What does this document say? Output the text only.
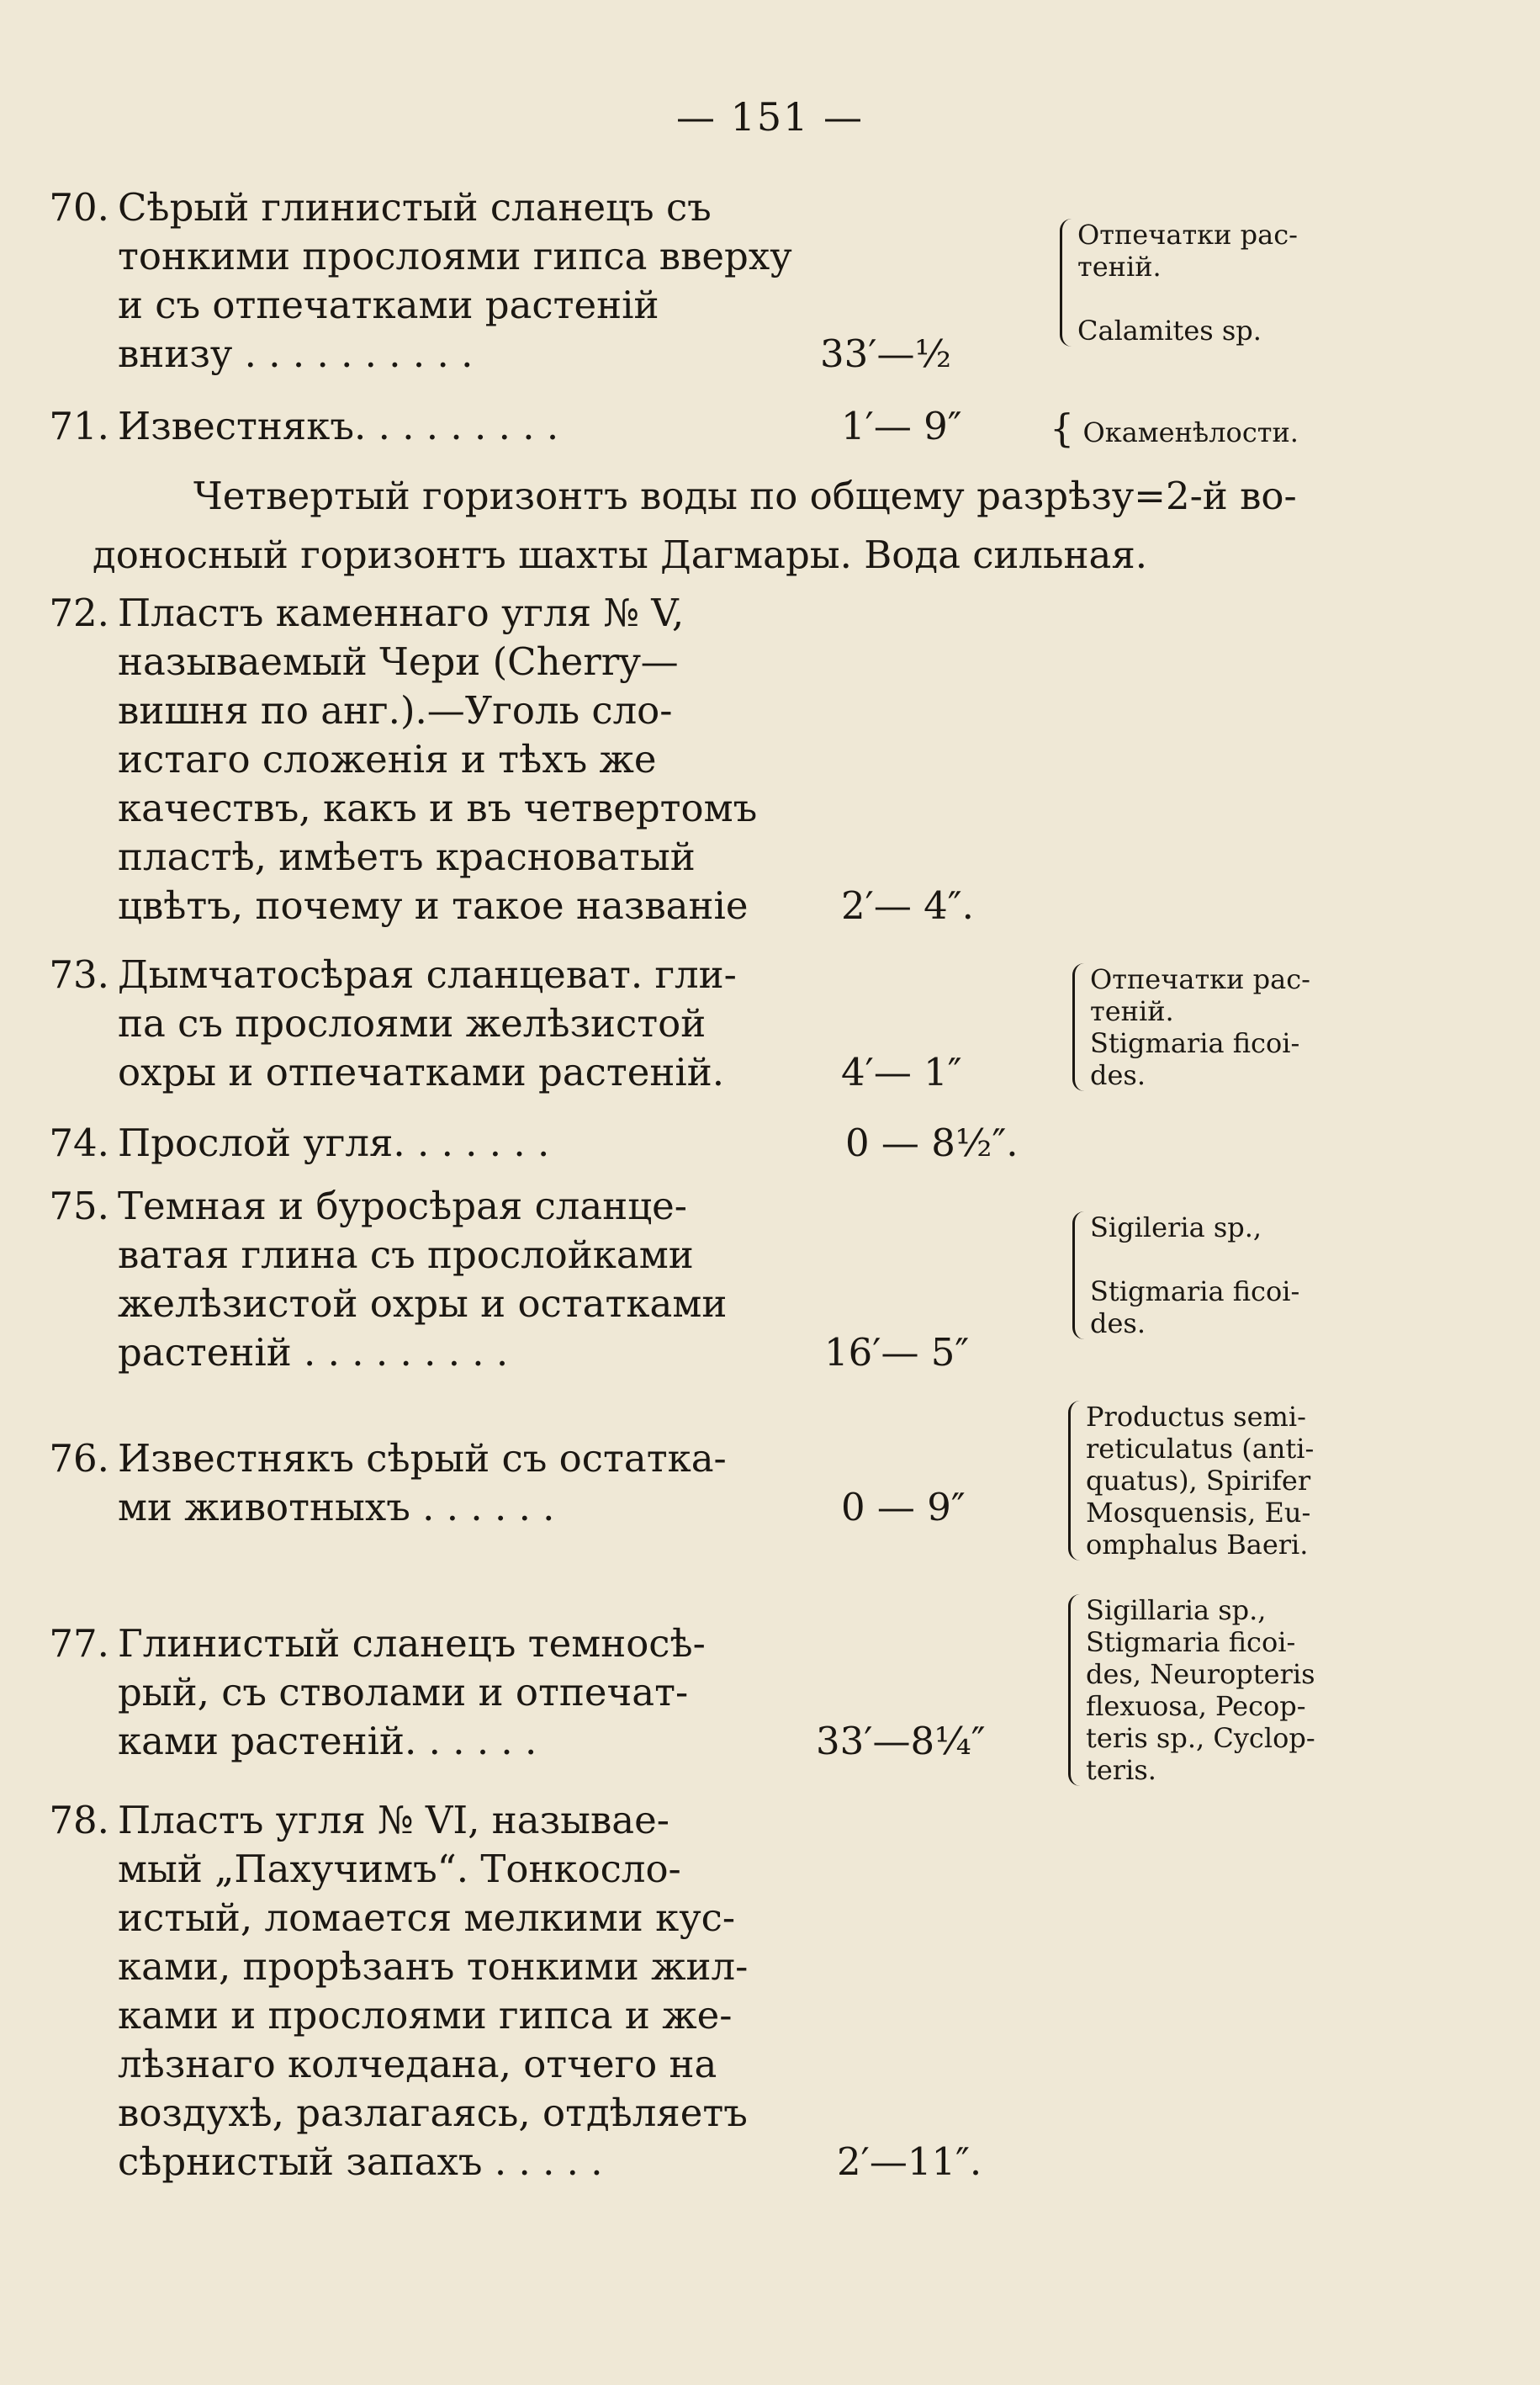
— 151 —
70. Сѣрый глинистый сланецъ съ
тонкими прослоями гипса вверху
и съ отпечатками растеній
внизу . . . . . . . . . .	33′—½
Отпечатки рас-
теній.
Calamites sp.
71. Известнякъ. . . . . . . . .	1′— 9″ { Окаменѣлости.
Четвертый горизонтъ воды по общему разрѣзу=2-й во-
доносный горизонтъ шахты Дагмары. Вода сильная.
72. Пластъ каменнаго угля № V,
называемый Чери (Cherry—
вишня по анг.).—Уголь сло-
истаго сложенія и тѣхъ же
качествъ, какъ и въ четвертомъ
пластѣ, имѣетъ красноватый
цвѣтъ, почему и такое названіе	2′— 4″.
73. Дымчатосѣрая сланцеват. гли-
па съ прослоями желѣзистой
охры и отпечатками растеній.	4′— 1″
Отпечатки рас-
теній.
Stigmaria ficoi-
des.
74. Прослой угля. . . . . . .	0 — 8½″.
75. Темная и буросѣрая сланце-
ватая глина съ прослойками
желѣзистой охры и остатками
растеній . . . . . . . . .	16′— 5″
Sigileria sp.,
Stigmaria ficoi-
des.
76. Известнякъ сѣрый съ остатка-
ми животныхъ . . . . . .	0 — 9″
Productus semi-
reticulatus (anti-
quatus), Spirifer
Mosquensis, Eu-
omphalus Baeri.
77. Глинистый сланецъ темносѣ-
рый, съ стволами и отпечат-
ками растеній. . . . . .	33′—8¼″
Sigillaria sp.,
Stigmaria ficoi-
des, Neuropteris
flexuosa, Pecop-
teris sp., Cyclop-
teris.
78. Пластъ угля № VI, называе-
мый „Пахучимъ“. Тонкосло-
истый, ломается мелкими кус-
ками, прорѣзанъ тонкими жил-
ками и прослоями гипса и же-
лѣзнаго колчедана, отчего на
воздухѣ, разлагаясь, отдѣляетъ
сѣрнистый запахъ . . . . .	2′—11″.
